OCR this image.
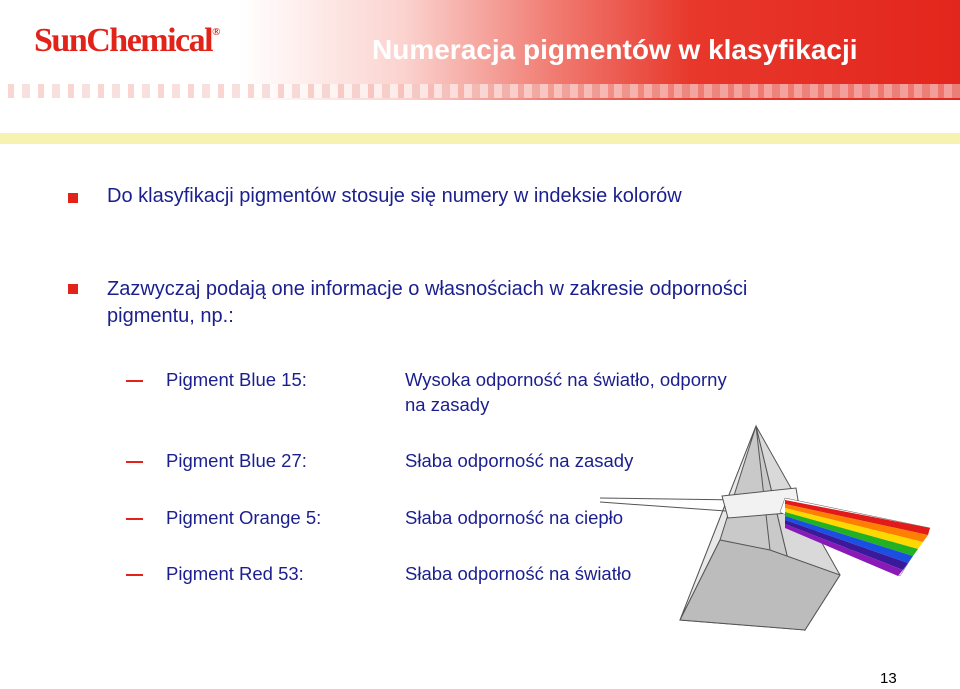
SunChemical®
Numeracja pigmentów w klasyfikacji
Do klasyfikacji pigmentów stosuje się numery w indeksie kolorów
Zazwyczaj podają one informacje o własnościach w zakresie odporności pigmentu, np.:
Pigment Blue 15:	Wysoka odporność na światło, odporny na zasady
Pigment Blue 27:	Słaba odporność na zasady
Pigment Orange 5:	Słaba odporność na ciepło
Pigment Red 53:	Słaba odporność na światło
13
